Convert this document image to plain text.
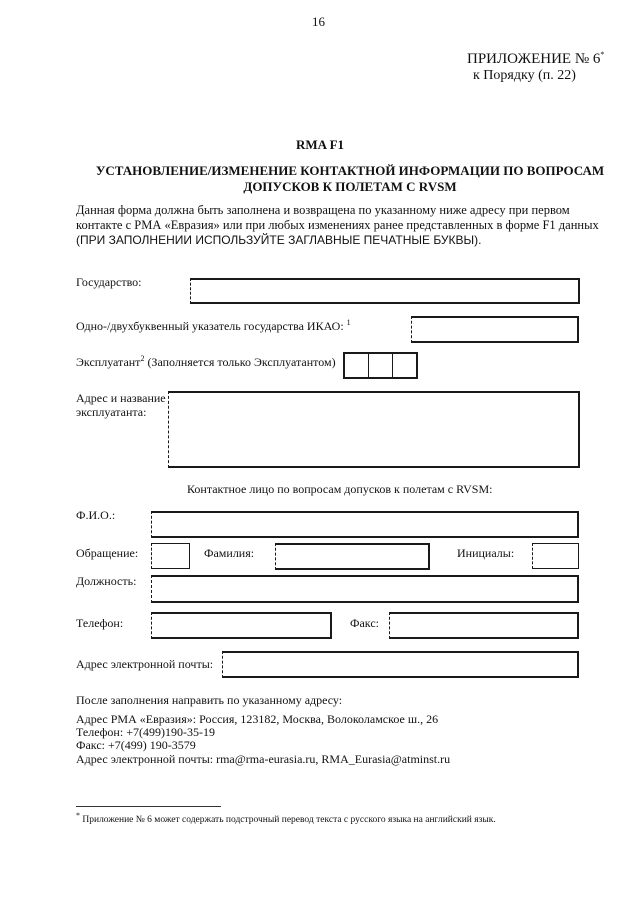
16
ПРИЛОЖЕНИЕ № 6*
к Порядку (п. 22)
RMA F1
УСТАНОВЛЕНИЕ/ИЗМЕНЕНИЕ КОНТАКТНОЙ ИНФОРМАЦИИ ПО ВОПРОСАМ
ДОПУСКОВ К ПОЛЕТАМ С RVSM
Данная форма должна быть заполнена и возвращена по указанному ниже адресу при первом
контакте с РМА «Евразия» или при любых изменениях ранее представленных в форме F1 данных
(ПРИ ЗАПОЛНЕНИИ ИСПОЛЬЗУЙТЕ ЗАГЛАВНЫЕ ПЕЧАТНЫЕ БУКВЫ).
Государство:
Одно-/двухбуквенный указатель государства ИКАО: $^1$
Эксплуатант$^2$ (Заполняется только Эксплуатантом)
Адрес и название
эксплуатанта:
Контактное лицо по вопросам допусков к полетам с RVSM:
Ф.И.О.:
Обращение:	Фамилия:	Инициалы:
Должность:
Телефон:	Факс:
Адрес электронной почты:
После заполнения направить по указанному адресу:
Адрес РМА «Евразия»: Россия, 123182, Москва, Волоколамское ш., 26
Телефон: +7(499)190-35-19
Факс: +7(499) 190-3579
Адрес электронной почты: rma@rma-eurasia.ru, RMA_Eurasia@atminst.ru
* Приложение № 6 может содержать подстрочный перевод текста с русского языка на английский язык.
